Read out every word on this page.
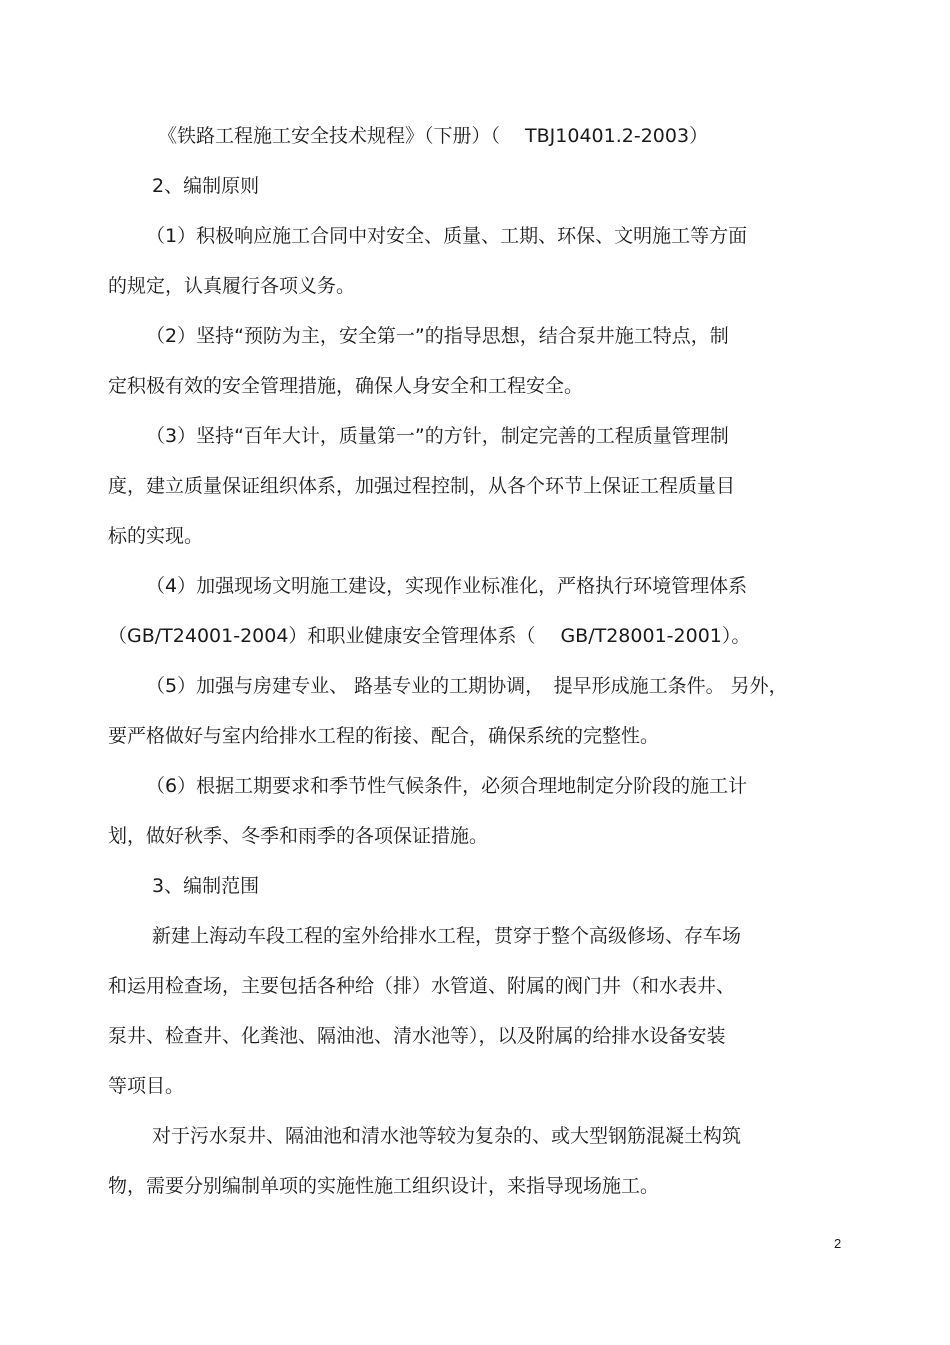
《铁路工程施工安全技术规程》（下册）（　 TBJ10401.2-2003）
2、编制原则
（1）积极响应施工合同中对安全、质量、工期、环保、文明施工等方面
的规定，认真履行各项义务。
（2）坚持“预防为主，安全第一”的指导思想，结合泵井施工特点，制
定积极有效的安全管理措施，确保人身安全和工程安全。
（3）坚持“百年大计，质量第一”的方针，制定完善的工程质量管理制
度，建立质量保证组织体系，加强过程控制，从各个环节上保证工程质量目
标的实现。
（4）加强现场文明施工建设，实现作业标准化，严格执行环境管理体系
（GB/T24001-2004）和职业健康安全管理体系（　 GB/T28001-2001）。
（5）加强与房建专业、 路基专业的工期协调，　提早形成施工条件。 另外，
要严格做好与室内给排水工程的衔接、配合，确保系统的完整性。
（6）根据工期要求和季节性气候条件，必须合理地制定分阶段的施工计
划，做好秋季、冬季和雨季的各项保证措施。
3、编制范围
新建上海动车段工程的室外给排水工程，贯穿于整个高级修场、存车场
和运用检查场，主要包括各种给（排）水管道、附属的阀门井（和水表井、
泵井、检查井、化粪池、隔油池、清水池等），以及附属的给排水设备安装
等项目。
对于污水泵井、隔油池和清水池等较为复杂的、或大型钢筋混凝土构筑
物，需要分别编制单项的实施性施工组织设计，来指导现场施工。
2
